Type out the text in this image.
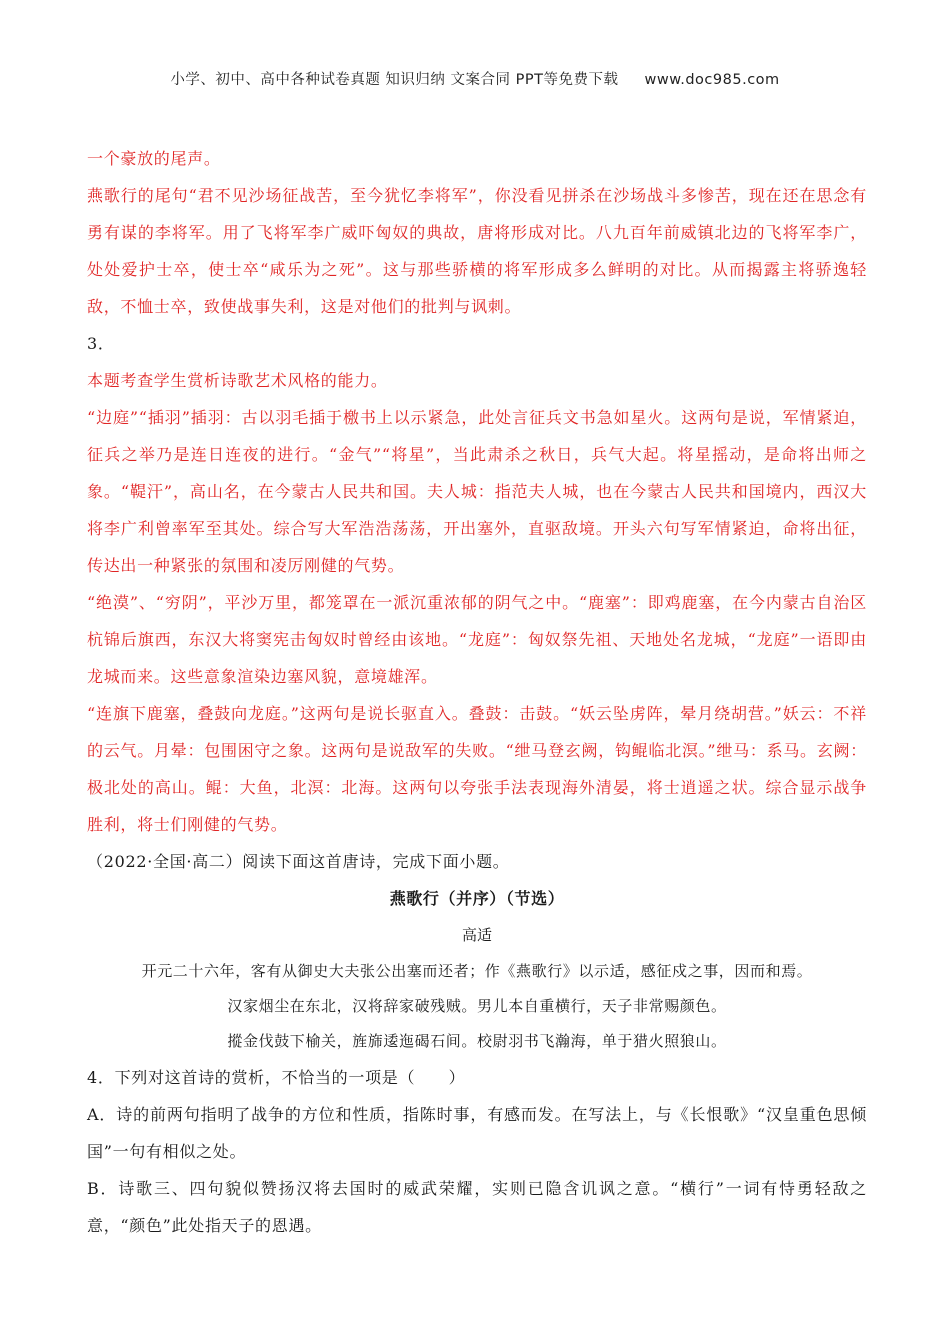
小学、初中、高中各种试卷真题 知识归纳 文案合同 PPT等免费下载 www.doc985.com

一个豪放的尾声。

燕歌行的尾句“君不见沙场征战苦，至今犹忆李将军”，你没看见拼杀在沙场战斗多惨苦，现在还在思念有勇有谋的李将军。用了飞将军李广威吓匈奴的典故，唐将形成对比。八九百年前威镇北边的飞将军李广，处处爱护士卒，使士卒“咸乐为之死”。这与那些骄横的将军形成多么鲜明的对比。从而揭露主将骄逸轻敌，不恤士卒，致使战事失利，这是对他们的批判与讽刺。

3．

本题考查学生赏析诗歌艺术风格的能力。

“边庭”“插羽”插羽：古以羽毛插于檄书上以示紧急，此处言征兵文书急如星火。这两句是说，军情紧迫，征兵之举乃是连日连夜的进行。“金气”“将星”，当此肃杀之秋日，兵气大起。将星摇动，是命将出师之象。“鞮汗”，高山名，在今蒙古人民共和国。夫人城：指范夫人城，也在今蒙古人民共和国境内，西汉大将李广利曾率军至其处。综合写大军浩浩荡荡，开出塞外，直驱敌境。开头六句写军情紧迫，命将出征，传达出一种紧张的氛围和凌厉刚健的气势。

“绝漠”、“穷阴”，平沙万里，都笼罩在一派沉重浓郁的阴气之中。“鹿塞”：即鸡鹿塞，在今内蒙古自治区杭锦后旗西，东汉大将窦宪击匈奴时曾经由该地。“龙庭”：匈奴祭先祖、天地处名龙城，“龙庭”一语即由龙城而来。这些意象渲染边塞风貌，意境雄浑。

“连旗下鹿塞，叠鼓向龙庭。”这两句是说长驱直入。叠鼓：击鼓。“妖云坠虏阵，晕月绕胡营。”妖云：不祥的云气。月晕：包围困守之象。这两句是说敌军的失败。“绁马登玄阙，钩鲲临北溟。”绁马：系马。玄阙：极北处的高山。鲲：大鱼，北溟：北海。这两句以夸张手法表现海外清晏，将士逍遥之状。综合显示战争胜利，将士们刚健的气势。

（2022·全国·高二）阅读下面这首唐诗，完成下面小题。

燕歌行（并序）（节选）

高适

开元二十六年，客有从御史大夫张公出塞而还者；作《燕歌行》以示适，感征戍之事，因而和焉。

汉家烟尘在东北，汉将辞家破残贼。男儿本自重横行，天子非常赐颜色。

摐金伐鼓下榆关，旌旆逶迤碣石间。校尉羽书飞瀚海，单于猎火照狼山。

4．下列对这首诗的赏析，不恰当的一项是（　　）

A．诗的前两句指明了战争的方位和性质，指陈时事，有感而发。在写法上，与《长恨歌》“汉皇重色思倾国”一句有相似之处。

B．诗歌三、四句貌似赞扬汉将去国时的威武荣耀，实则已隐含讥讽之意。“横行”一词有恃勇轻敌之意，“颜色”此处指天子的恩遇。
